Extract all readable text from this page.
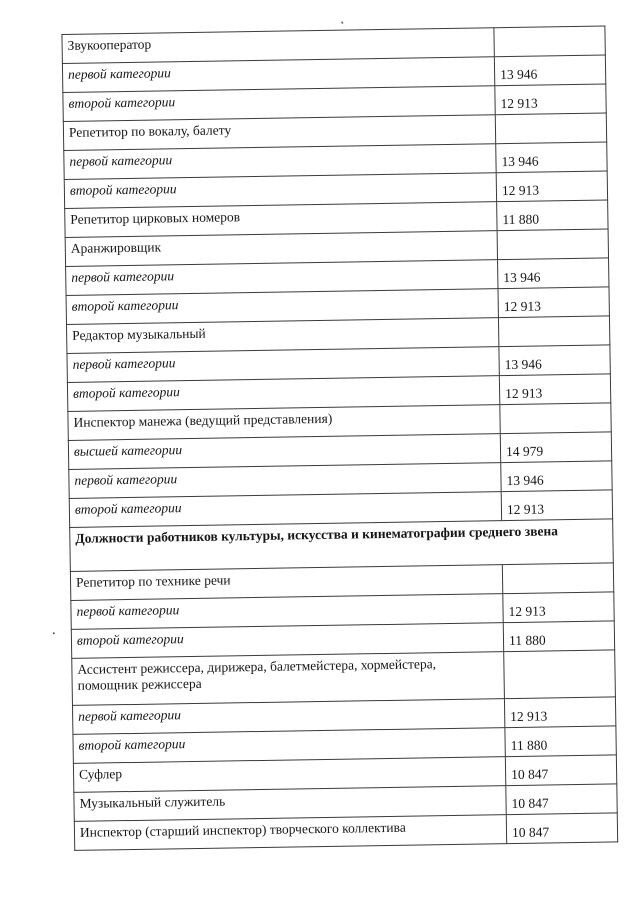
Звукооператор	
первой категории	13 946
второй категории	12 913
Репетитор по вокалу, балету	
первой категории	13 946
второй категории	12 913
Репетитор цирковых номеров	11 880
Аранжировщик	
первой категории	13 946
второй категории	12 913
Редактор музыкальный	
первой категории	13 946
второй категории	12 913
Инспектор манежа (ведущий представления)	
высшей категории	14 979
первой категории	13 946
второй категории	12 913
Должности работников культуры, искусства и кинематографии среднего звена	
Репетитор по технике речи	
первой категории	12 913
второй категории	11 880
Ассистент режиссера, дирижера, балетмейстера, хормейстера, помощник режиссера	
первой категории	12 913
второй категории	11 880
Суфлер	10 847
Музыкальный служитель	10 847
Инспектор (старший инспектор) творческого коллектива	10 847
